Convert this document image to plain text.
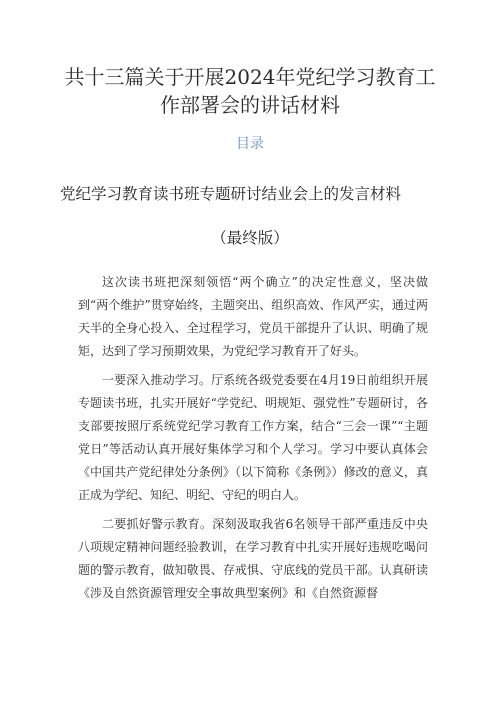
共十三篇关于开展2024年党纪学习教育工作部署会的讲话材料
目录
党纪学习教育读书班专题研讨结业会上的发言材料
（最终版）

这次读书班把深刻领悟“两个确立”的决定性意义，坚决做到“两个维护”贯穿始终，主题突出、组织高效、作风严实，通过两天半的全身心投入、全过程学习，党员干部提升了认识、明确了规矩，达到了学习预期效果，为党纪学习教育开了好头。

一要深入推动学习。厅系统各级党委要在4月19日前组织开展专题读书班，扎实开展好“学党纪、明规矩、强党性”专题研讨，各支部要按照厅系统党纪学习教育工作方案，结合“三会一课”“主题党日”等活动认真开展好集体学习和个人学习。学习中要认真体会《中国共产党纪律处分条例》（以下简称《条例》）修改的意义，真正成为学纪、知纪、明纪、守纪的明白人。

二要抓好警示教育。深刻汲取我省6名领导干部严重违反中央八项规定精神问题经验教训，在学习教育中扎实开展好违规吃喝问题的警示教育，做知敬畏、存戒惧、守底线的党员干部。认真研读《涉及自然资源管理安全事故典型案例》和《自然资源督
